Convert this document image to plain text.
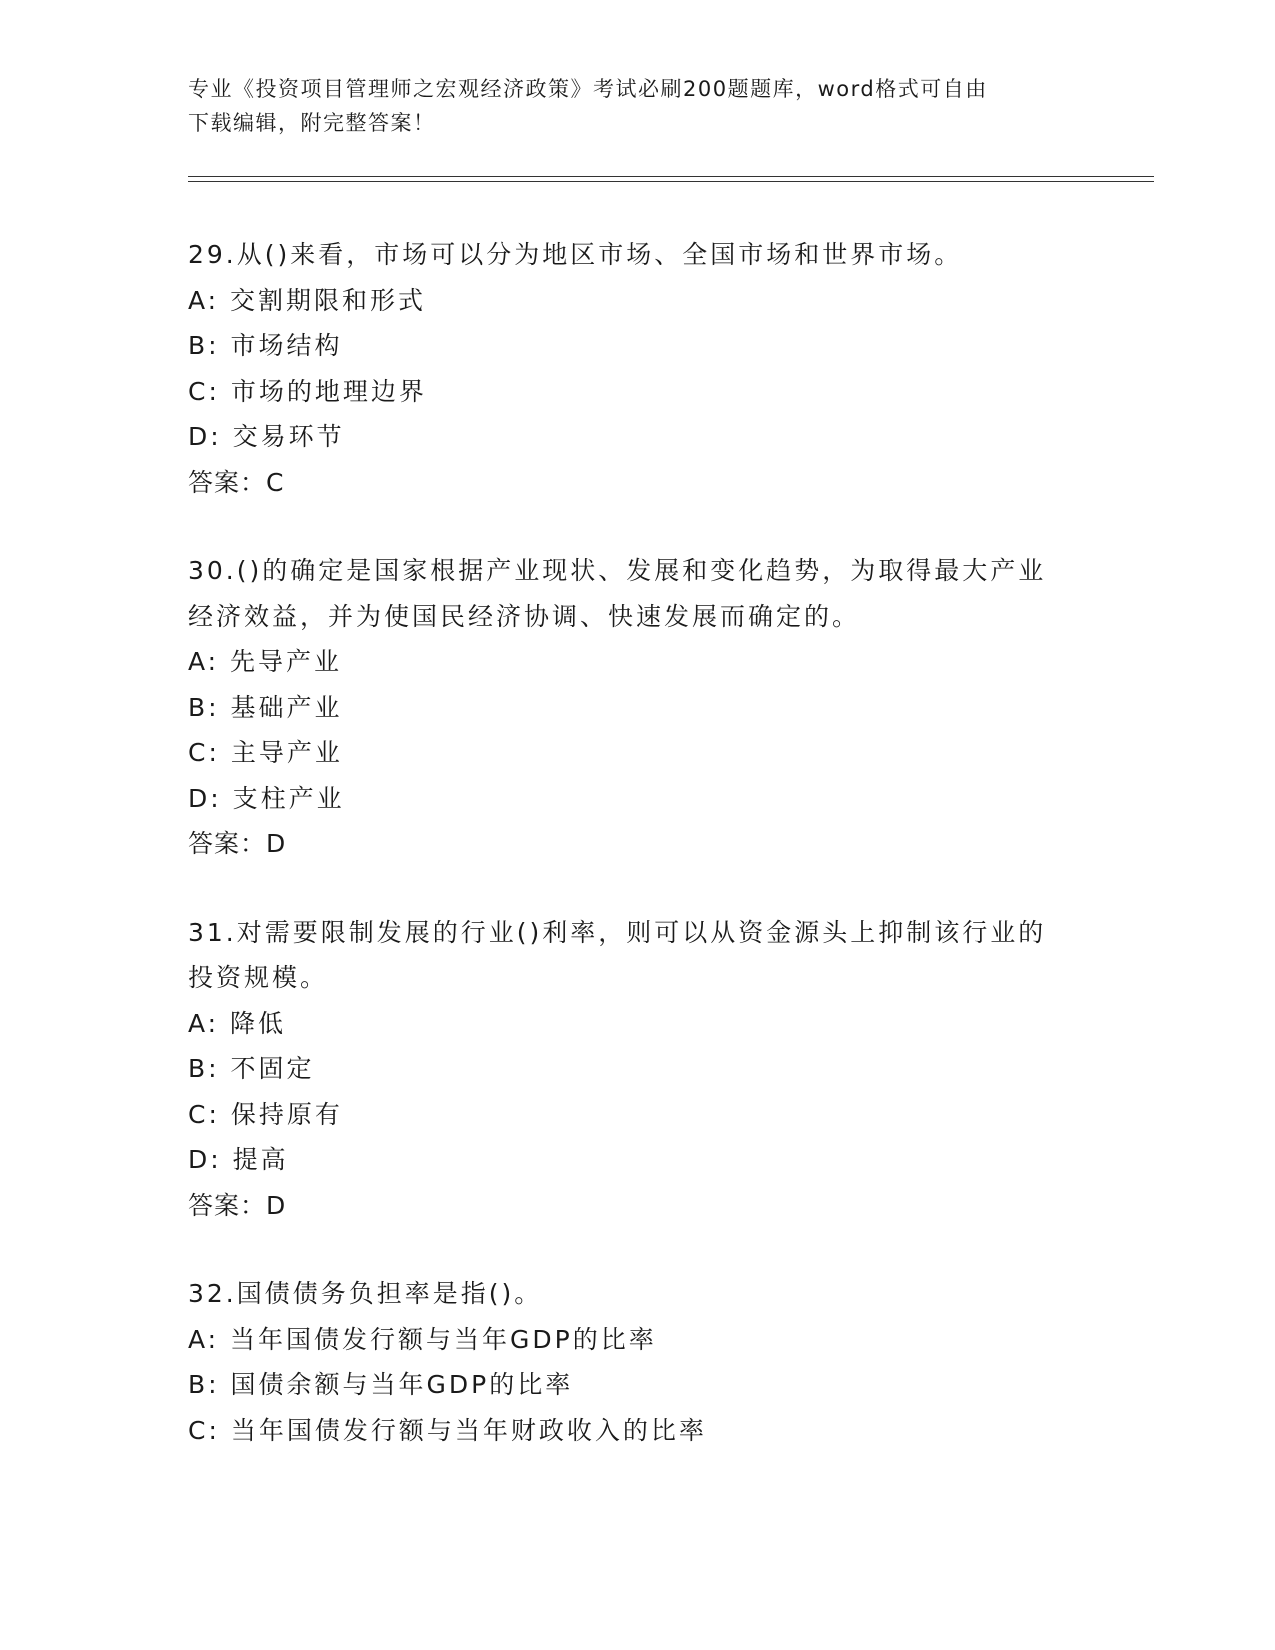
专业《投资项目管理师之宏观经济政策》考试必刷200题题库，word格式可自由
下载编辑，附完整答案！
29.从()来看，市场可以分为地区市场、全国市场和世界市场。
A: 交割期限和形式
B: 市场结构
C: 市场的地理边界
D: 交易环节
答案：C
30.()的确定是国家根据产业现状、发展和变化趋势，为取得最大产业经济效益，并为使国民经济协调、快速发展而确定的。
A: 先导产业
B: 基础产业
C: 主导产业
D: 支柱产业
答案：D
31.对需要限制发展的行业()利率，则可以从资金源头上抑制该行业的投资规模。
A: 降低
B: 不固定
C: 保持原有
D: 提高
答案：D
32.国债债务负担率是指()。
A: 当年国债发行额与当年GDP的比率
B: 国债余额与当年GDP的比率
C: 当年国债发行额与当年财政收入的比率
